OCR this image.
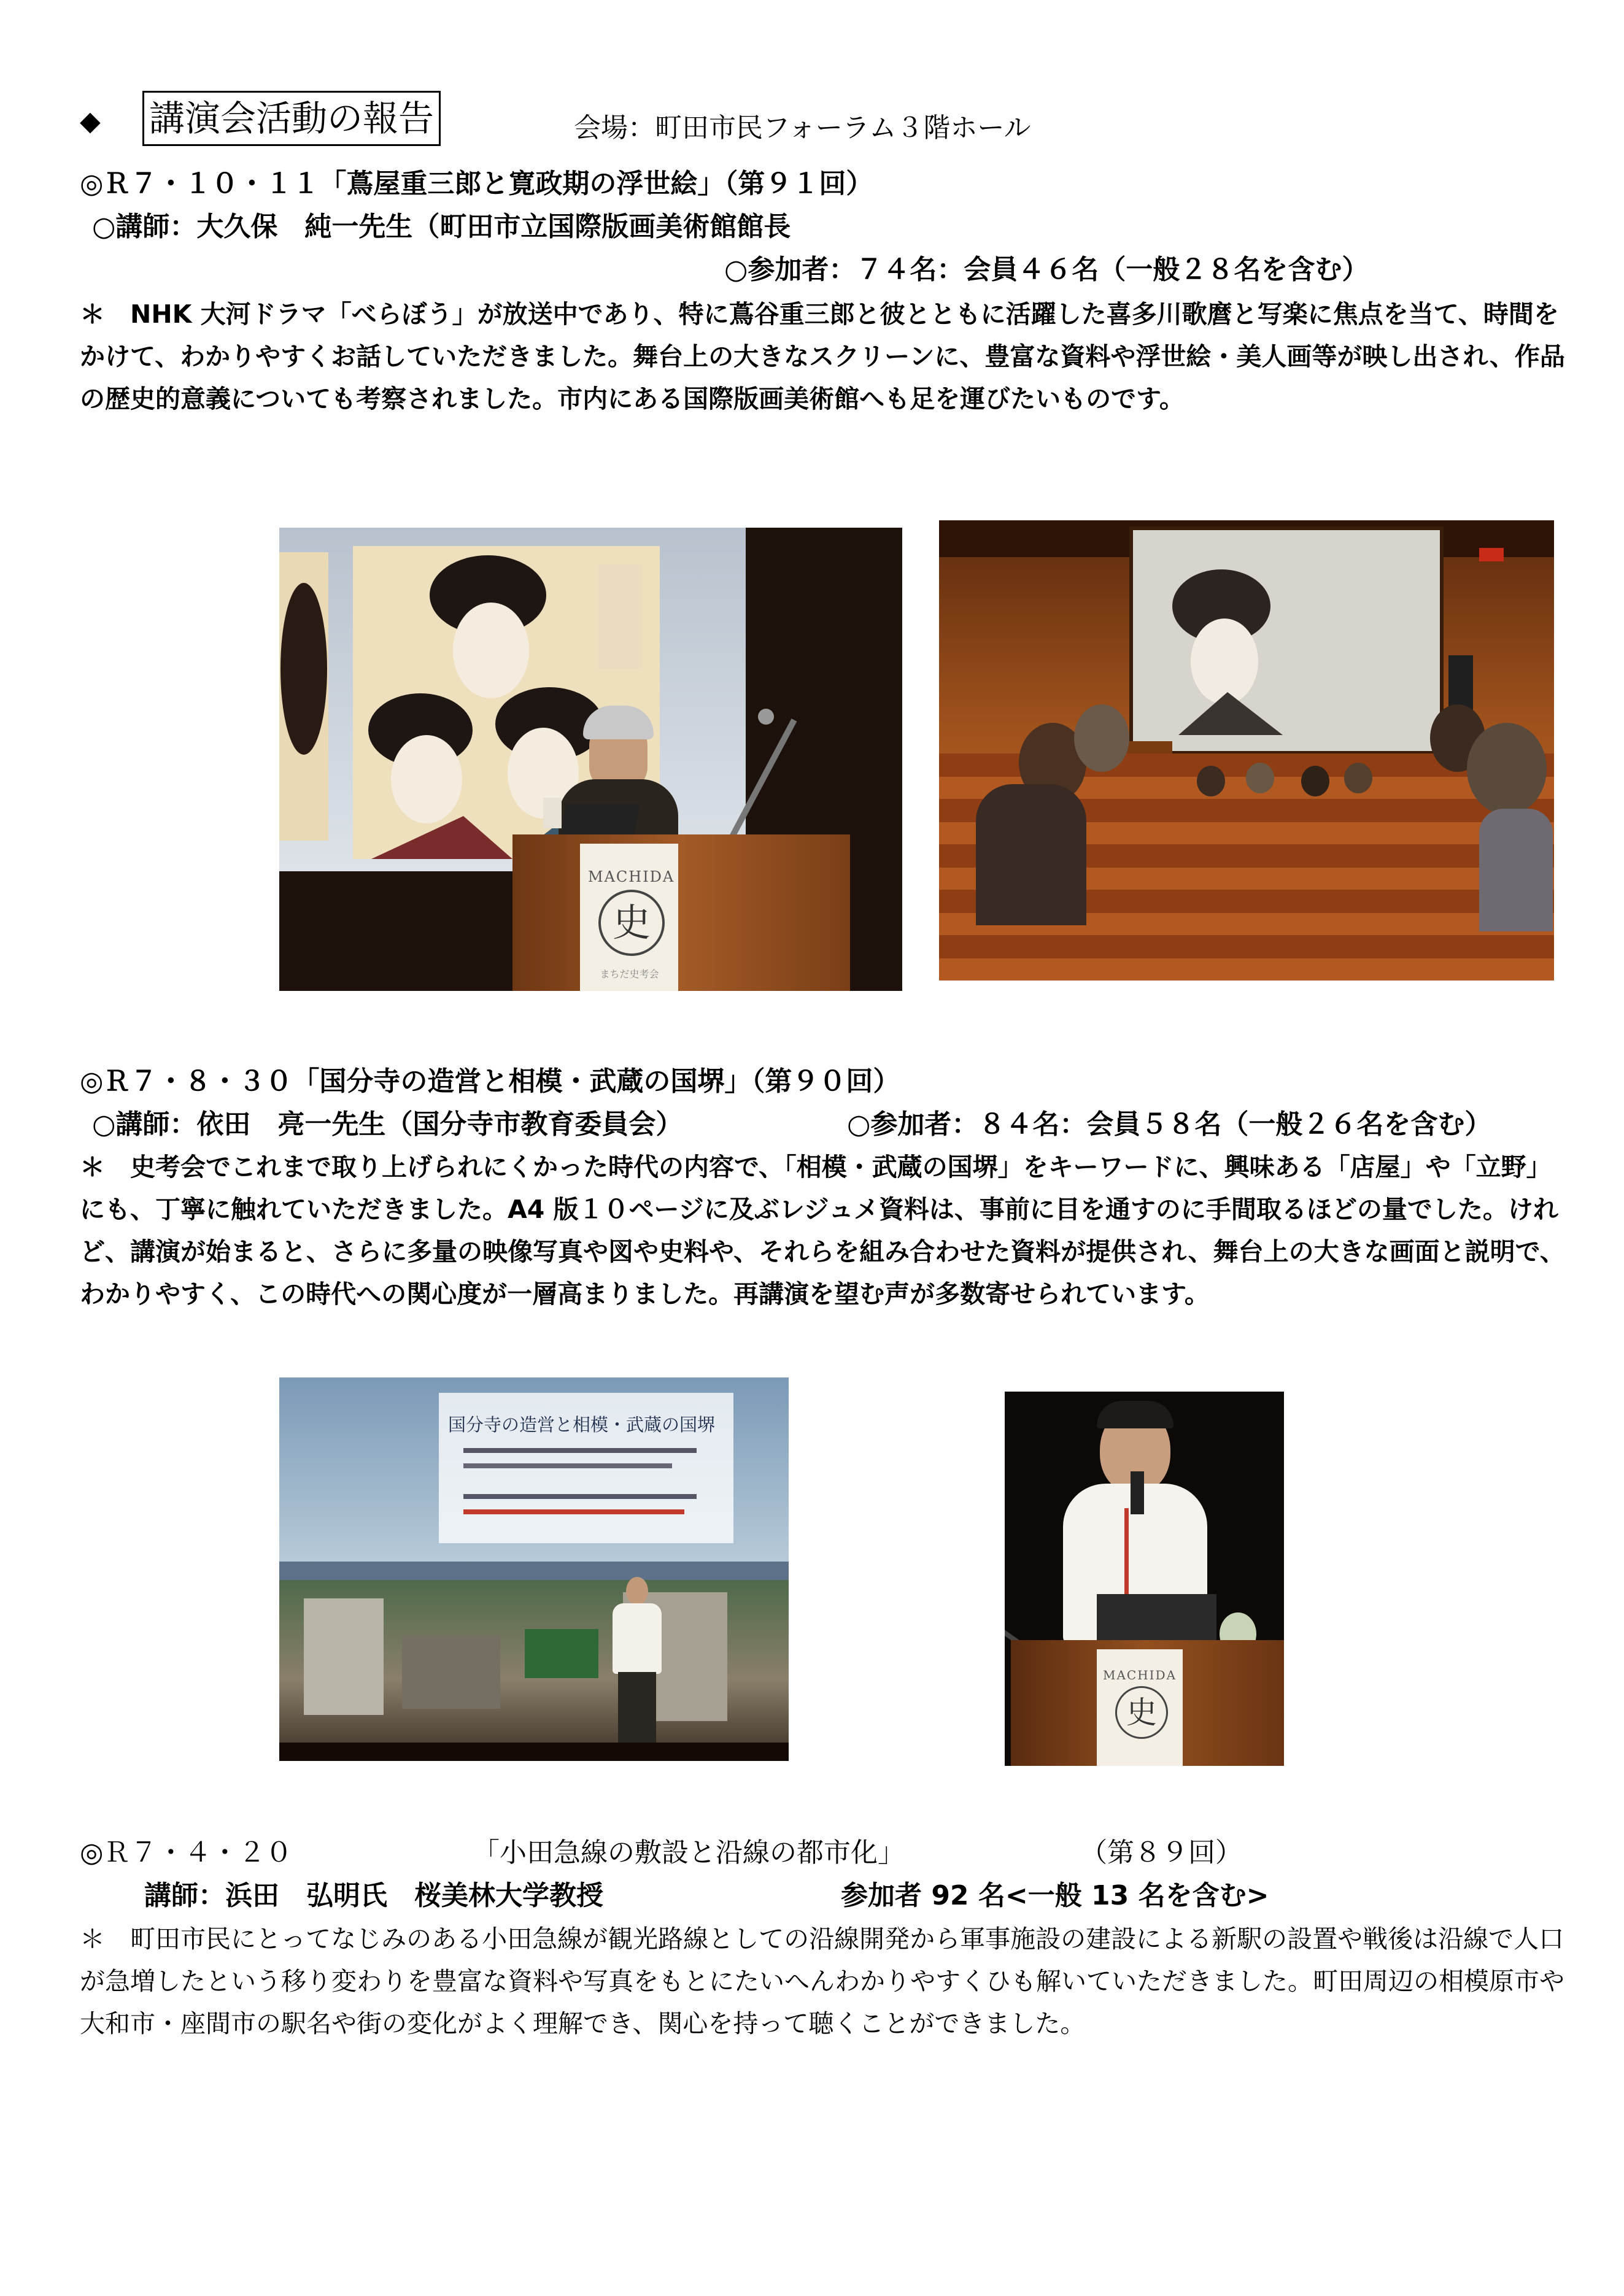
◆ 講演会活動の報告	会場：町田市民フォーラム３階ホール
◎Ｒ７・１０・１１「蔦屋重三郎と寛政期の浮世絵」（第９１回）
○講師：大久保　純一先生（町田市立国際版画美術館館長
○参加者：７４名：会員４６名（一般２８名を含む）
＊　NHK 大河ドラマ「べらぼう」が放送中であり、特に蔦谷重三郎と彼とともに活躍した喜多川歌麿と写楽に焦点を当て、時間をかけて、わかりやすくお話していただきました。舞台上の大きなスクリーンに、豊富な資料や浮世絵・美人画等が映し出され、作品の歴史的意義についても考察されました。市内にある国際版画美術館へも足を運びたいものです。
MACHIDA
史
まちだ史考会
◎Ｒ７・８・３０「国分寺の造営と相模・武蔵の国堺」（第９０回）
○講師：依田　亮一先生（国分寺市教育委員会）	○参加者：８４名：会員５８名（一般２６名を含む）
＊　史考会でこれまで取り上げられにくかった時代の内容で、「相模・武蔵の国堺」をキーワードに、興味ある「店屋」や「立野」にも、丁寧に触れていただきました。A4 版１０ページに及ぶレジュメ資料は、事前に目を通すのに手間取るほどの量でした。けれど、講演が始まると、さらに多量の映像写真や図や史料や、それらを組み合わせた資料が提供され、舞台上の大きな画面と説明で、わかりやすく、この時代への関心度が一層高まりました。再講演を望む声が多数寄せられています。
国分寺の造営と相模・武蔵の国堺
MACHIDA
史
◎Ｒ７・４・２０	「小田急線の敷設と沿線の都市化」	（第８９回）
講師：浜田　弘明氏　桜美林大学教授	参加者 92 名<一般 13 名を含む>
＊　町田市民にとってなじみのある小田急線が観光路線としての沿線開発から軍事施設の建設による新駅の設置や戦後は沿線で人口が急増したという移り変わりを豊富な資料や写真をもとにたいへんわかりやすくひも解いていただきました。町田周辺の相模原市や大和市・座間市の駅名や街の変化がよく理解でき、関心を持って聴くことができました。
